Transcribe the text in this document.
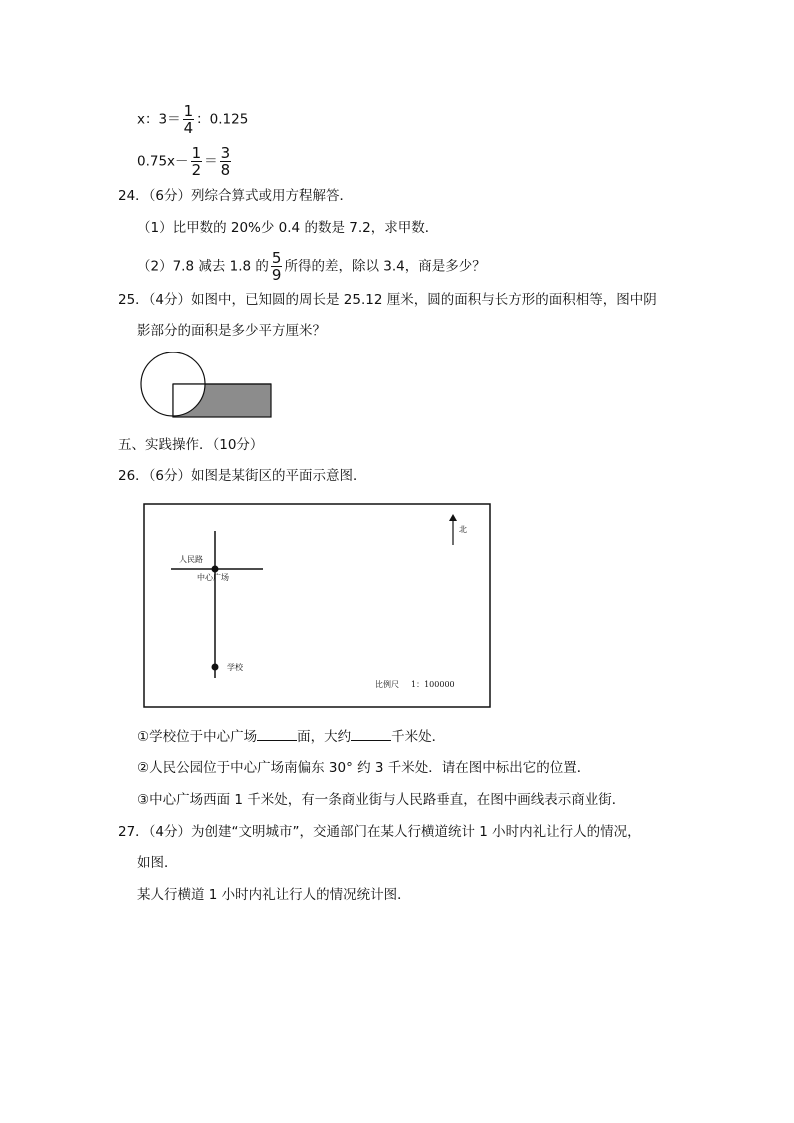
x：$3= \frac{1}{4}$ ：0.125
$0.75x- \frac{1}{2} = \frac{3}{8}$
24．（6分）列综合算式或用方程解答．
（1）比甲数的 20%少 0.4 的数是 7.2，求甲数．
（2）7.8 减去 1.8 的 $\frac{5}{9}$ 所得的差，除以 3.4，商是多少？
25．（4分）如图中，已知圆的周长是 25.12 厘米，圆的面积与长方形的面积相等，图中阴
影部分的面积是多少平方厘米？
五、实践操作．（10分）
26．（6分）如图是某街区的平面示意图．
人民路
中心广场
学校
北
比例尺 1：100000
①学校位于中心广场	面，大约	千米处．
②人民公园位于中心广场南偏东 30° 约 3 千米处．请在图中标出它的位置．
③中心广场西面 1 千米处，有一条商业街与人民路垂直，在图中画线表示商业街．
27．（4分）为创建“文明城市”，交通部门在某人行横道统计 1 小时内礼让行人的情况，
如图．
某人行横道 1 小时内礼让行人的情况统计图．
